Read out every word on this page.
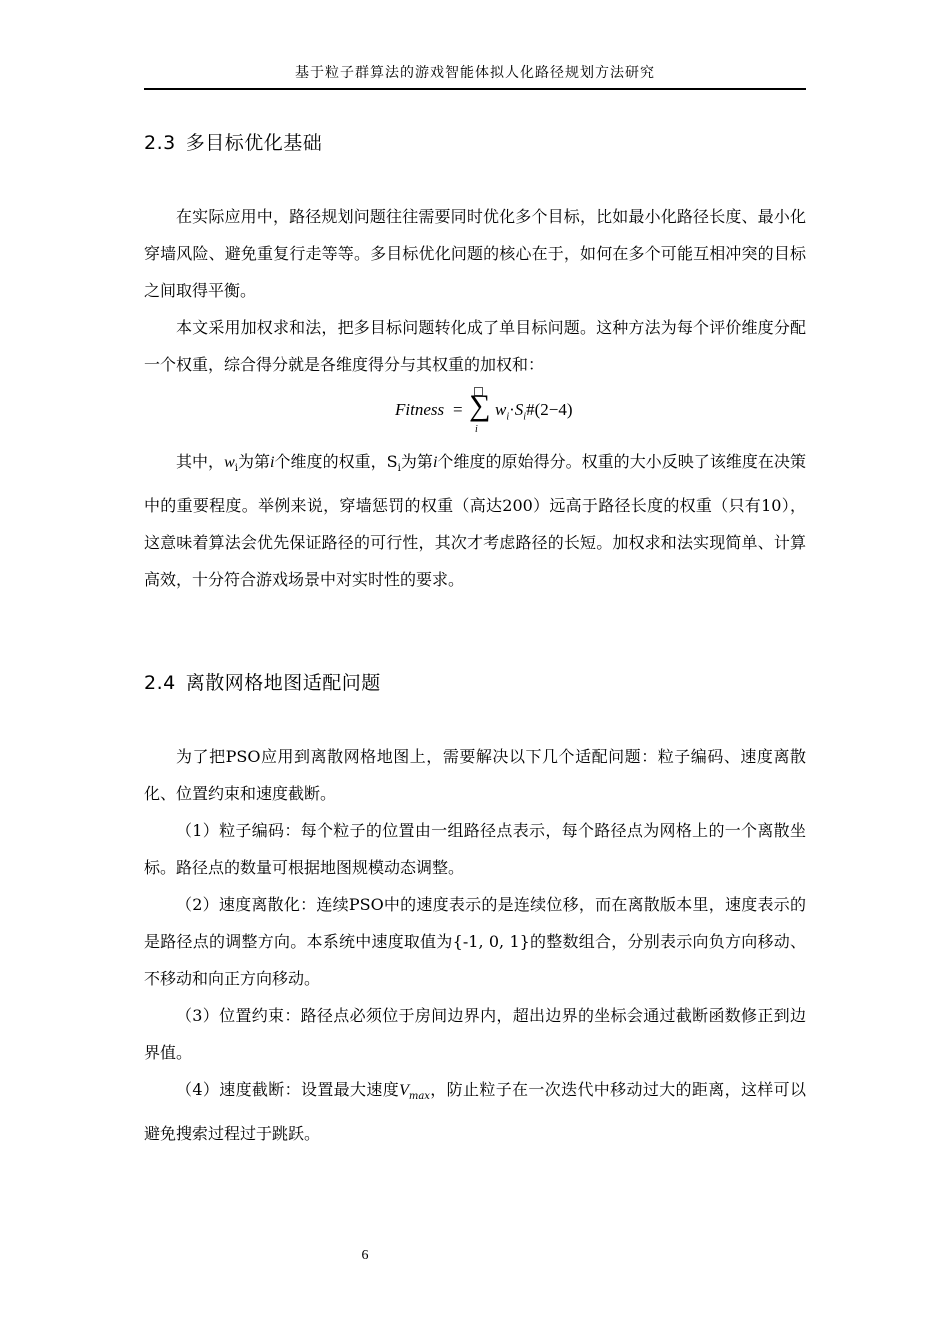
基于粒子群算法的游戏智能体拟人化路径规划方法研究
2.3 多目标优化基础

在实际应用中，路径规划问题往往需要同时优化多个目标，比如最小化路径长度、最小化穿墙风险、避免重复行走等等。多目标优化问题的核心在于，如何在多个可能互相冲突的目标之间取得平衡。

本文采用加权求和法，把多目标问题转化成了单目标问题。这种方法为每个评价维度分配一个权重，综合得分就是各维度得分与其权重的加权和：

Fitness = ∑
i
$w_i\cdot S_i\#(2-4)$

其中，$w_i$为第i个维度的权重，$S_i$为第i个维度的原始得分。权重的大小反映了该维度在决策中的重要程度。举例来说，穿墙惩罚的权重（高达200）远高于路径长度的权重（只有10），这意味着算法会优先保证路径的可行性，其次才考虑路径的长短。加权求和法实现简单、计算高效，十分符合游戏场景中对实时性的要求。

2.4 离散网格地图适配问题

为了把PSO应用到离散网格地图上，需要解决以下几个适配问题：粒子编码、速度离散化、位置约束和速度截断。

（1）粒子编码：每个粒子的位置由一组路径点表示，每个路径点为网格上的一个离散坐标。路径点的数量可根据地图规模动态调整。

（2）速度离散化：连续PSO中的速度表示的是连续位移，而在离散版本里，速度表示的是路径点的调整方向。本系统中速度取值为{-1, 0, 1}的整数组合，分别表示向负方向移动、不移动和向正方向移动。

（3）位置约束：路径点必须位于房间边界内，超出边界的坐标会通过截断函数修正到边界值。

（4）速度截断：设置最大速度$V_{max}$，防止粒子在一次迭代中移动过大的距离，这样可以避免搜索过程过于跳跃。

6
